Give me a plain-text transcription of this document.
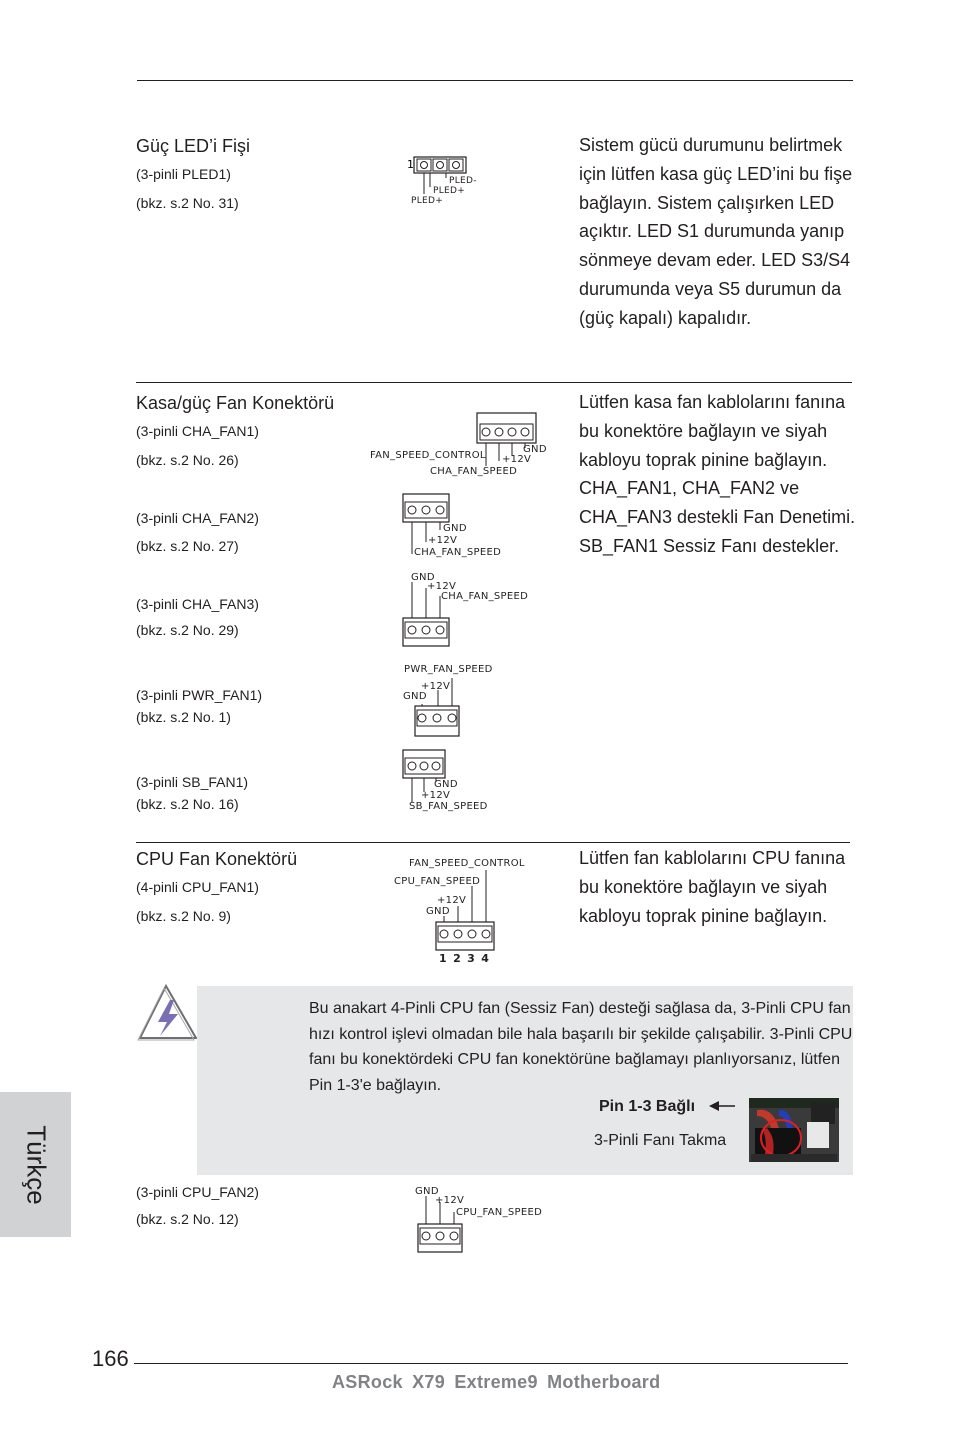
Güç LED’i Fişi
(3-pinli PLED1)
(bkz. s.2 No. 31)
Sistem gücü durumunu belirtmek için lütfen kasa güç LED’ini bu fişe bağlayın. Sistem çalışırken LED açıktır. LED S1 durumunda yanıp sönmeye devam eder. LED S3/S4 durumunda veya S5 durumun da (güç kapalı) kapalıdır.
1
PLED-
PLED+
PLED+
Kasa/güç Fan Konektörü	Lütfen kasa fan kablolarını fanına bu konektöre bağlayın ve siyah kabloyu toprak pinine bağlayın. CHA_FAN1, CHA_FAN2 ve CHA_FAN3 destekli Fan Denetimi. SB_FAN1 Sessiz Fanı destekler.
(3-pinli CHA_FAN1)
(bkz. s.2 No. 26)
GND
+12V
FAN_SPEED_CONTROL
CHA_FAN_SPEED
(3-pinli CHA_FAN2)
(bkz. s.2 No. 27)
GND
+12V
CHA_FAN_SPEED
(3-pinli CHA_FAN3)
(bkz. s.2 No. 29)
GND
+12V
CHA_FAN_SPEED
PWR_FAN_SPEED
+12V
GND
(3-pinli PWR_FAN1)
(bkz. s.2 No. 1)
(3-pinli SB_FAN1)
(bkz. s.2 No. 16)
GND
+12V
SB_FAN_SPEED
CPU Fan Konektörü
(4-pinli CPU_FAN1)
(bkz. s.2 No. 9)
Lütfen fan kablolarını CPU fanına bu konektöre bağlayın ve siyah kabloyu toprak pinine bağlayın.
FAN_SPEED_CONTROL
CPU_FAN_SPEED
+12V
GND
1 2 3 4

Bu anakart 4-Pinli CPU fan (Sessiz Fan) desteği sağlasa da, 3-Pinli CPU fan hızı kontrol işlevi olmadan bile hala başarılı bir şekilde çalışabilir. 3-Pinli CPU fanı bu konektördeki CPU fan konektörüne bağlamayı planlıyorsanız, lütfen Pin 1-3'e bağlayın.

Pin 1-3 Bağlı
3-Pinli Fanı Takma
(3-pinli CPU_FAN2)
(bkz. s.2 No. 12)
GND
+12V
CPU_FAN_SPEED
Türkçe
166
ASRock X79 Extreme9 Motherboard
